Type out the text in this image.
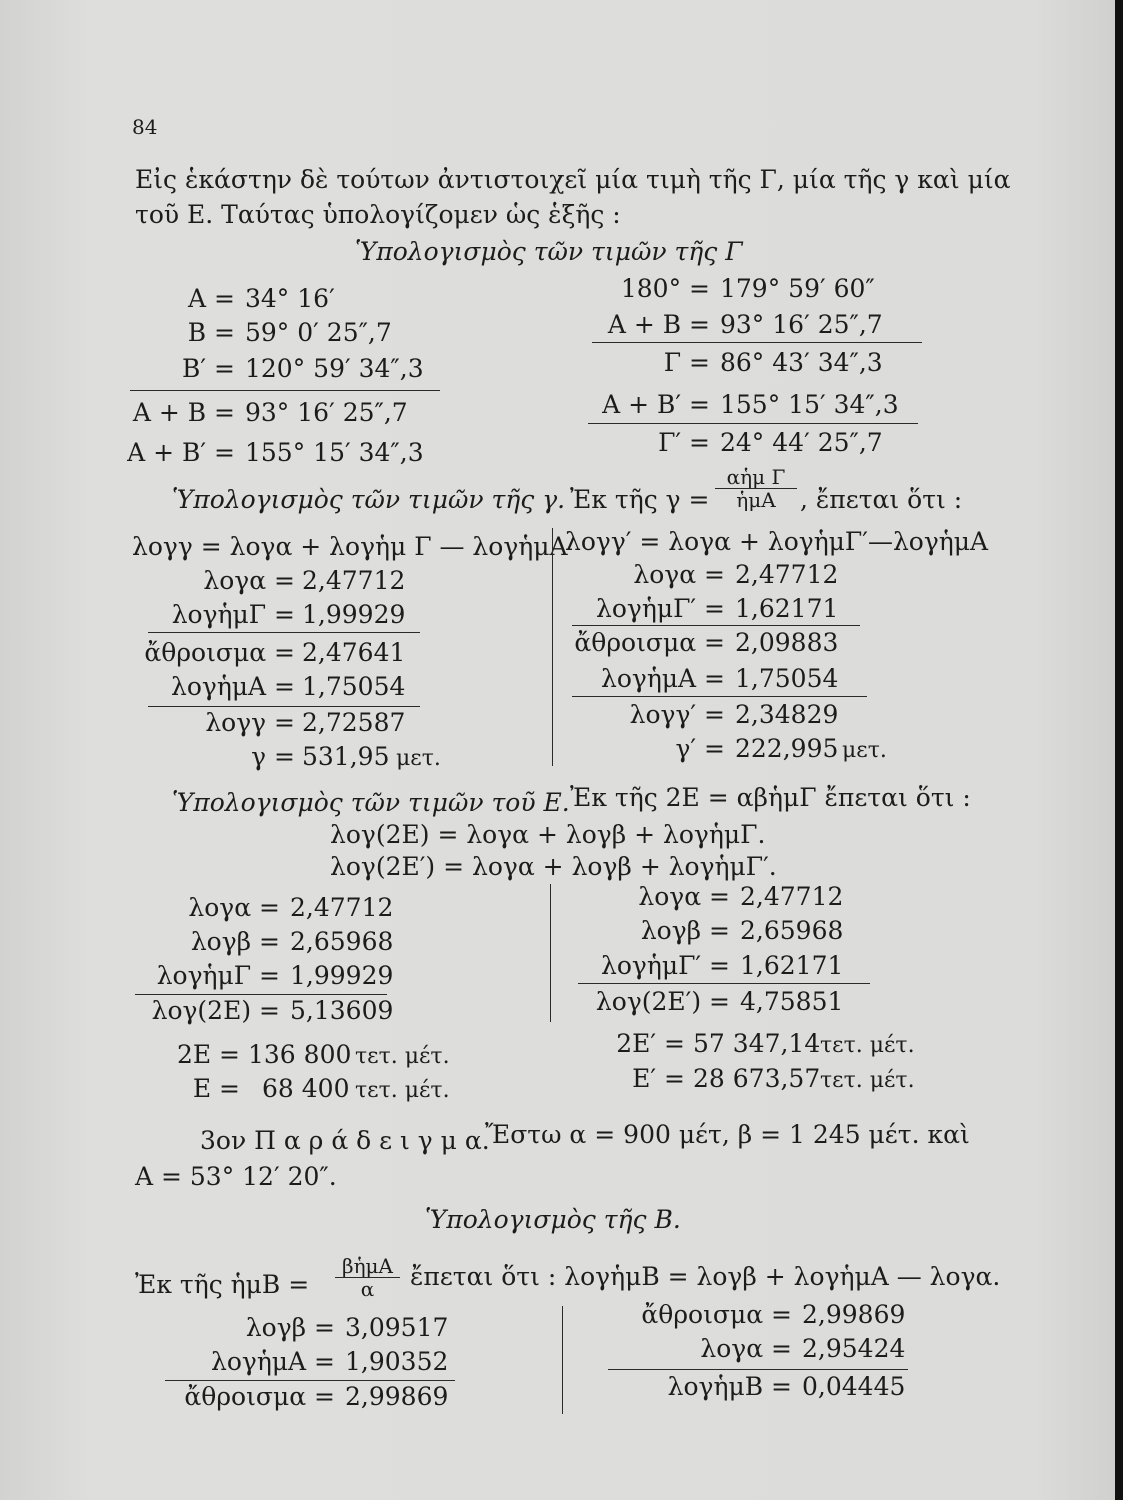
84
Εἰς ἑκάστην δὲ τούτων ἀντιστοιχεῖ μία τιμὴ τῆς Γ, μία τῆς γ καὶ μία
τοῦ Ε. Ταύτας ὑπολογίζομεν ὡς ἑξῆς :
Ὑπολογισμὸς τῶν τιμῶν τῆς Γ
A = 34° 16′
B = 59° 0′ 25″,7
B′ = 120° 59′ 34″,3
A + B = 93° 16′ 25″,7
A + B′ = 155° 15′ 34″,3
180° = 179° 59′ 60″
A + B = 93° 16′ 25″,7
Γ = 86° 43′ 34″,3
A + B′ = 155° 15′ 34″,3
Γ′ = 24° 44′ 25″,7
Ὑπολογισμὸς τῶν τιμῶν τῆς γ. Ἐκ τῆς γ =
αἡμ Γ
ἡμA , ἔπεται ὅτι :
λογγ = λογα + λογἡμ Γ — λογἡμA
λογγ′ = λογα + λογἡμΓ′—λογἡμA
λογα = 2,47712
λογἡμΓ = 1,99929
ἄθροισμα = 2,47641
λογἡμA = 1,75054
λογγ = 2,72587
γ = 531,95 μετ.
λογα = 2,47712
λογἡμΓ′ = 1,62171
ἄθροισμα = 2,09883
λογἡμA = 1,75054
λογγ′ = 2,34829
γ′ = 222,995 μετ.
Ὑπολογισμὸς τῶν τιμῶν τοῦ Ε. Ἐκ τῆς 2Ε = αβἡμΓ ἔπεται ὅτι :
λογ(2Ε) = λογα + λογβ + λογἡμΓ.
λογ(2Ε′) = λογα + λογβ + λογἡμΓ′.
λογα = 2,47712
λογβ = 2,65968
λογἡμΓ = 1,99929
λογ(2Ε) = 5,13609
2Ε = 136 800 τετ. μέτ.
Ε = 68 400 τετ. μέτ.
λογα = 2,47712
λογβ = 2,65968
λογἡμΓ′ = 1,62171
λογ(2Ε′) = 4,75851
2Ε′ = 57 347,14 τετ. μέτ.
Ε′ = 28 673,57 τετ. μέτ.
3ον Π α ρ ά δ ε ι γ μ α.
Ἔστω α = 900 μέτ, β = 1 245 μέτ. καὶ
A = 53° 12′ 20″.
Ὑπολογισμὸς τῆς B.
Ἐκ τῆς ἡμB =
βἡμA
α	ἔπεται ὅτι : λογἡμB = λογβ + λογἡμA — λογα.
λογβ = 3,09517
λογἡμA = 1,90352
ἄθροισμα = 2,99869
ἄθροισμα = 2,99869
λογα = 2,95424
λογἡμB = 0,04445
